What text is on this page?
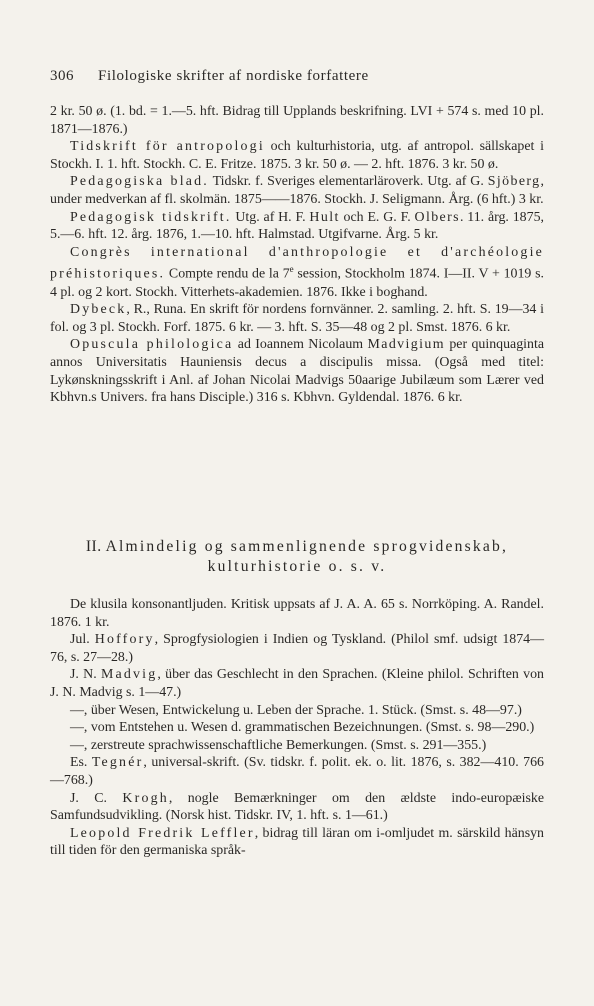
306 Filologiske skrifter af nordiske forfattere

2 kr. 50 ø. (1. bd. = 1.—5. hft. Bidrag till Upplands beskrifning. LVI + 574 s. med 10 pl. 1871—1876.)

Tidskrift för antropologi och kulturhistoria, utg. af antropol. sällskapet i Stockh. I. 1. hft. Stockh. C. E. Fritze. 1875. 3 kr. 50 ø. — 2. hft. 1876. 3 kr. 50 ø.

Pedagogiska blad. Tidskr. f. Sveriges elementarläroverk. Utg. af G. Sjöberg, under medverkan af fl. skolmän. 1875——1876. Stockh. J. Seligmann. Årg. (6 hft.) 3 kr.

Pedagogisk tidskrift. Utg. af H. F. Hult och E. G. F. Olbers. 11. årg. 1875, 5.—6. hft. 12. årg. 1876, 1.—10. hft. Halmstad. Utgifvarne. Årg. 5 kr.

Congrès international d'anthropologie et d'archéologie préhistoriques. Compte rendu de la 7e session, Stockholm 1874. I—II. V + 1019 s. 4 pl. og 2 kort. Stockh. Vitterhets-akademien. 1876. Ikke i boghand.

Dybeck, R., Runa. En skrift för nordens fornvänner. 2. samling. 2. hft. S. 19—34 i fol. og 3 pl. Stockh. Forf. 1875. 6 kr. — 3. hft. S. 35—48 og 2 pl. Smst. 1876. 6 kr.

Opuscula philologica ad Ioannem Nicolaum Madvigium per quinquaginta annos Universitatis Hauniensis decus a discipulis missa. (Også med titel: Lykønskningsskrift i Anl. af Johan Nicolai Madvigs 50aarige Jubilæum som Lærer ved Kbhvn.s Univers. fra hans Disciple.) 316 s. Kbhvn. Gyldendal. 1876. 6 kr.

II. Almindelig og sammenlignende sprogvidenskab,
kulturhistorie o. s. v.

De klusila konsonantljuden. Kritisk uppsats af J. A. A. 65 s. Norrköping. A. Randel. 1876. 1 kr.

Jul. Hoffory, Sprogfysiologien i Indien og Tyskland. (Philol smf. udsigt 1874—76, s. 27—28.)

J. N. Madvig, über das Geschlecht in den Sprachen. (Kleine philol. Schriften von J. N. Madvig s. 1—47.)

—, über Wesen, Entwickelung u. Leben der Sprache. 1. Stück. (Smst. s. 48—97.)

—, vom Entstehen u. Wesen d. grammatischen Bezeichnungen. (Smst. s. 98—290.)

—, zerstreute sprachwissenschaftliche Bemerkungen. (Smst. s. 291—355.)

Es. Tegnér, universal-skrift. (Sv. tidskr. f. polit. ek. o. lit. 1876, s. 382—410. 766—768.)

J. C. Krogh, nogle Bemærkninger om den ældste indo-europæiske Samfundsudvikling. (Norsk hist. Tidskr. IV, 1. hft. s. 1—61.)

Leopold Fredrik Leffler, bidrag till läran om i-omljudet m. särskild hänsyn till tiden för den germaniska språk-
